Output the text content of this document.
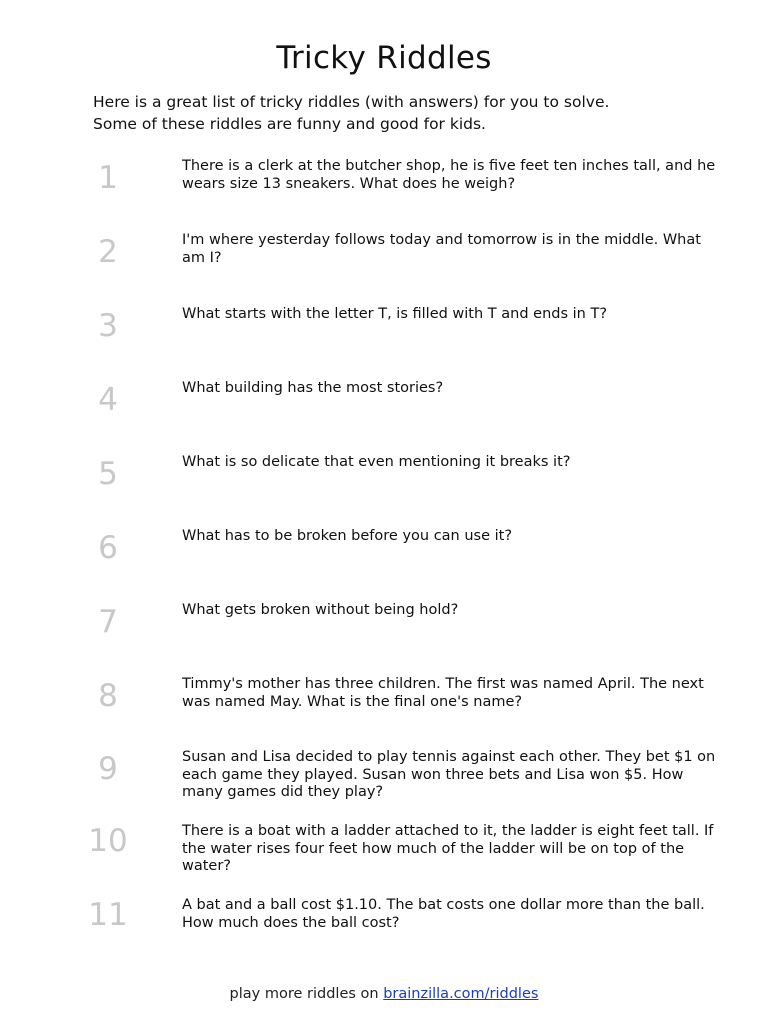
Tricky Riddles
Here is a great list of tricky riddles (with answers) for you to solve.
Some of these riddles are funny and good for kids.
1	There is a clerk at the butcher shop, he is five feet ten inches tall, and he wears size 13 sneakers. What does he weigh?
2	I'm where yesterday follows today and tomorrow is in the middle. What am I?
3	What starts with the letter T, is filled with T and ends in T?
4	What building has the most stories?
5	What is so delicate that even mentioning it breaks it?
6	What has to be broken before you can use it?
7	What gets broken without being hold?
8	Timmy's mother has three children. The first was named April. The next was named May. What is the final one's name?
9	Susan and Lisa decided to play tennis against each other. They bet $1 on each game they played. Susan won three bets and Lisa won $5. How many games did they play?
10	There is a boat with a ladder attached to it, the ladder is eight feet tall. If the water rises four feet how much of the ladder will be on top of the water?
11	A bat and a ball cost $1.10. The bat costs one dollar more than the ball. How much does the ball cost?
play more riddles on brainzilla.com/riddles
